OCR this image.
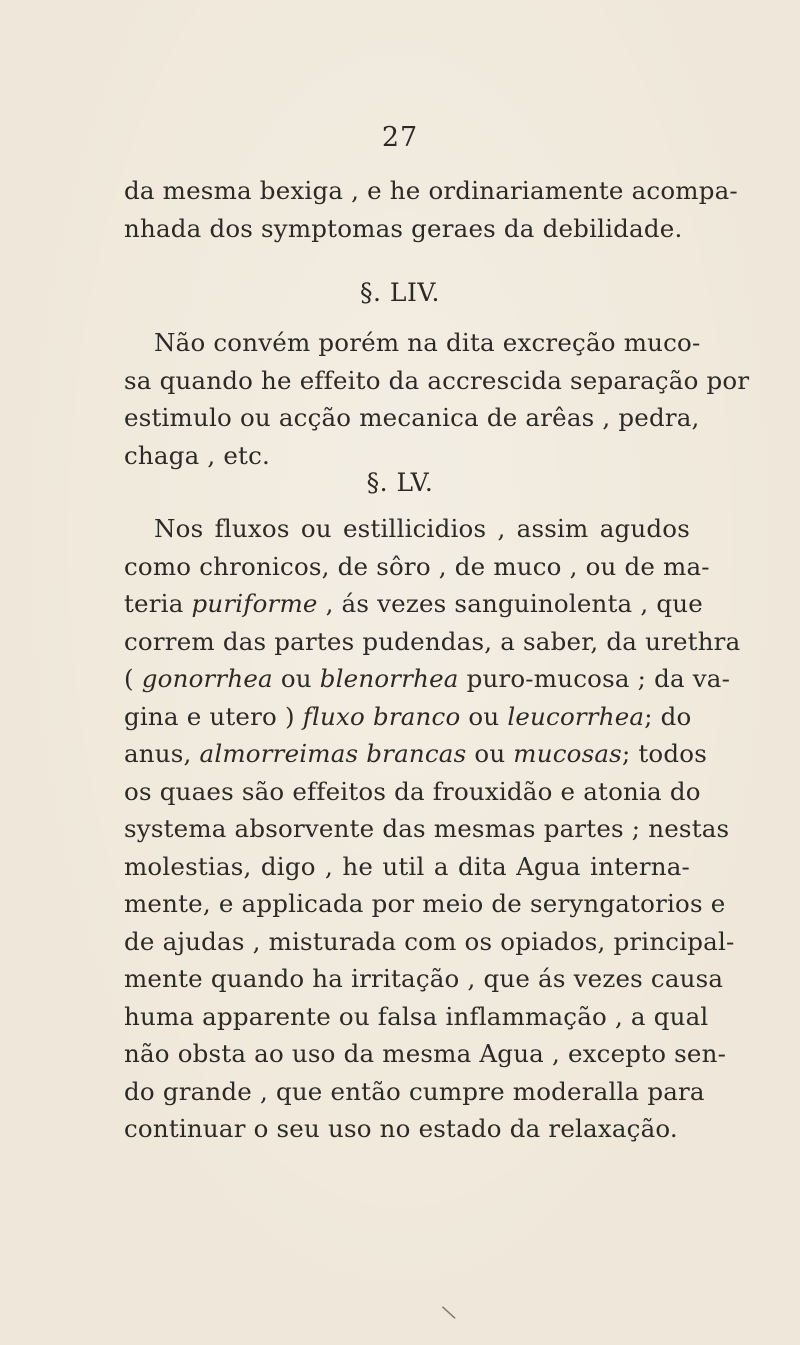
27
da mesma bexiga , e he ordinariamente acompa-
nhada dos symptomas geraes da debilidade.
§. LIV.
Não convém porém na dita excreção muco-
sa quando he effeito da accrescida separação por
estimulo ou acção mecanica de arêas , pedra,
chaga , etc.
§. LV.
Nos fluxos ou estillicidios , assim agudos
como chronicos, de sôro , de muco , ou de ma-
teria puriforme , ás vezes sanguinolenta , que
correm das partes pudendas, a saber, da urethra
( gonorrhea ou blenorrhea puro-mucosa ; da va-
gina e utero ) fluxo branco ou leucorrhea; do
anus, almorreimas brancas ou mucosas; todos
os quaes são effeitos da frouxidão e atonia do
systema absorvente das mesmas partes ; nestas
molestias, digo , he util a dita Agua interna-
mente, e applicada por meio de seryngatorios e
de ajudas , misturada com os opiados, principal-
mente quando ha irritação , que ás vezes causa
huma apparente ou falsa inflammação , a qual
não obsta ao uso da mesma Agua , excepto sen-
do grande , que então cumpre moderalla para
continuar o seu uso no estado da relaxação.
\
